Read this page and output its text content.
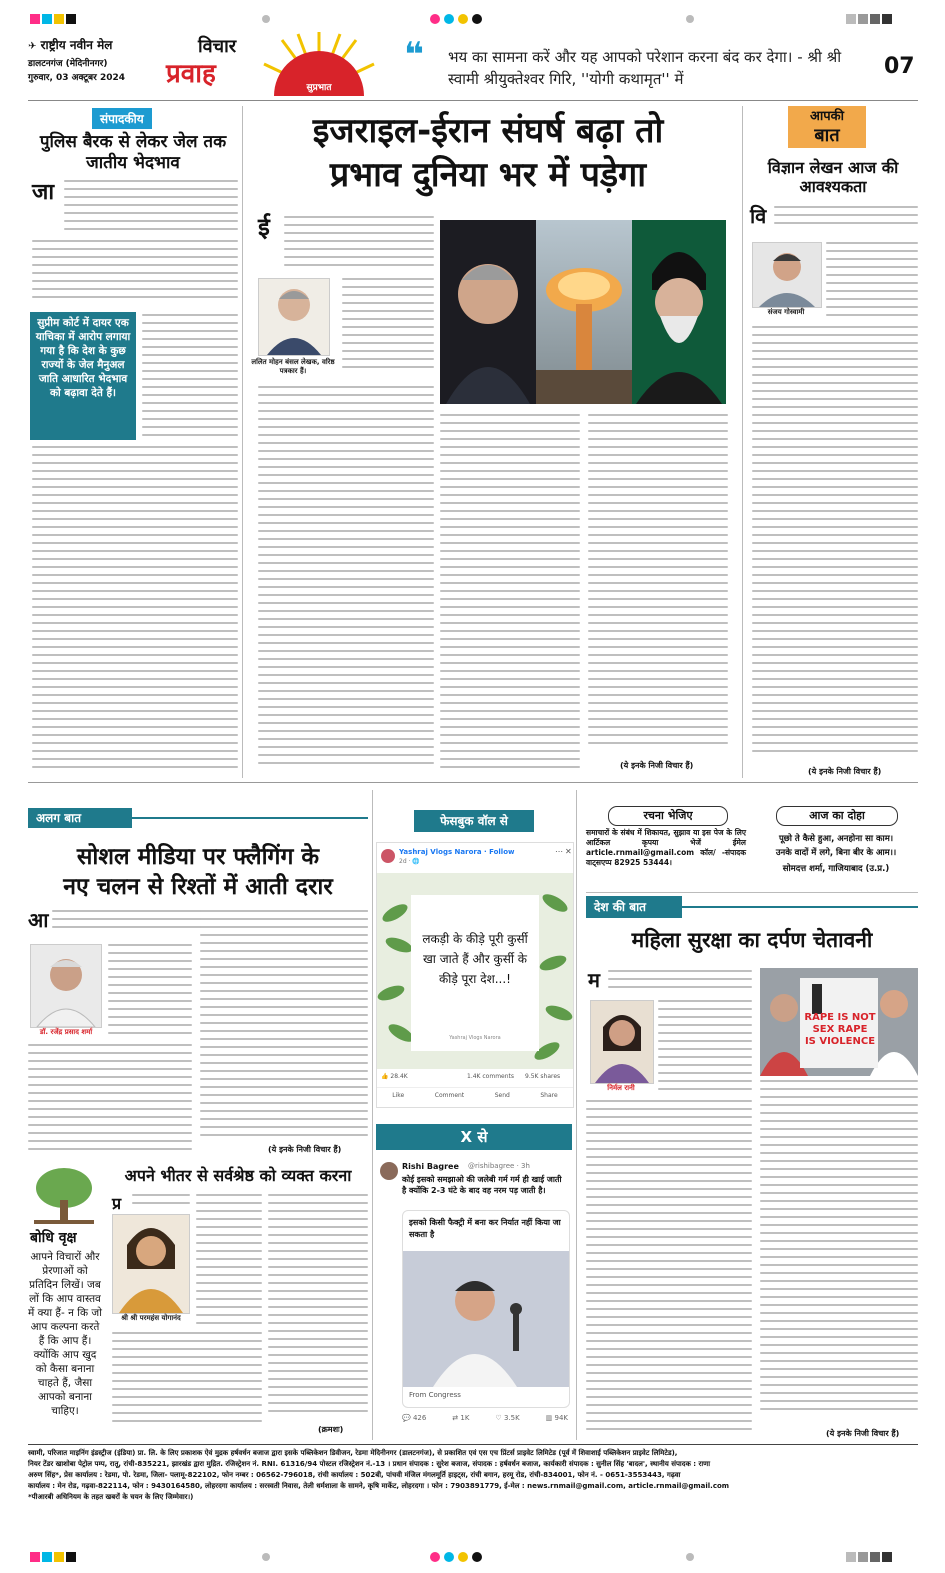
✈ राष्ट्रीय नवीन मेल
डालटनगंज (मेदिनीनगर)
गुरुवार, 03 अक्टूबर 2024
विचार
प्रवाह	सुप्रभात
❝ भय का सामना करें और यह आपको परेशान करना बंद कर देगा। - श्री श्री स्वामी श्रीयुक्तेश्वर गिरि, ''योगी कथामृत'' में	07
संपादकीय
पुलिस बैरक से लेकर जेल तक जातीय भेदभाव
जा
सुप्रीम कोर्ट में दायर एक याचिका में आरोप लगाया गया है कि देश के कुछ राज्यों के जेल मैनुअल जाति आधारित भेदभाव को बढ़ावा देते हैं।
इजराइल-ईरान संघर्ष बढ़ा तो
प्रभाव दुनिया भर में पड़ेगा
ई
ललित मोहन बंसल लेखक, वरिष्ठ पत्रकार हैं।
(ये इनके निजी विचार हैं)
आपकी
बात
विज्ञान लेखन आज की आवश्यकता
वि
संजय गोस्वामी
(ये इनके निजी विचार हैं)
अलग बात
सोशल मीडिया पर फ्लैगिंग के
नए चलन से रिश्तों में आती दरार
आ
डॉ. रजेंद्र प्रसाद शर्मा
(ये इनके निजी विचार हैं)
बोधि वृक्ष
आपने विचारों और प्रेरणाओं को प्रतिदिन लिखें। जब लों कि आप वास्तव में क्या हैं- न कि जो आप कल्पना करते हैं कि आप हैं। क्योंकि आप खुद को कैसा बनाना चाहते हैं, जैसा आपको बनाना चाहिए।
अपने भीतर से सर्वश्रेष्ठ को व्यक्त करना
प्र
श्री श्री परमहंस योगानंद
(क्रमशः)
फेसबुक वॉल से
Yashraj Vlogs Narora · Follow
2d · 🌐
⋯ ✕
लकड़ी के कीड़े पूरी कुर्सी खा जाते हैं और कुर्सी के कीड़े पूरा देश...!
Yashraj Vlogs Narora
👍 28.4K	1.4K comments 9.5K shares
Like	Comment	Send	Share
X से
Rishi Bagree @rishibagree · 3h
कोई इसको समझाओ की जलेबी गर्म गर्म ही खाई जाती है क्योंकि 2-3 घंटे के बाद वह नरम पड़ जाती है।
इसको किसी फैक्ट्री में बना कर निर्यात नहीं किया जा सकता है
From Congress
💬 426	⇄ 1K	♡ 3.5K	▥ 94K
रचना भेजिए
समाचारों के संबंध में शिकायत, सुझाव या इस पेज के लिए आर्टिकल कृपया भेजें ईमेल article.rnmail@gmail.com कॉल/ -संपादक वाट्सएप्प 82925 53444।
आज का दोहा
पूछो ते कैसे हुआ, अनहोना सा काम।
उनके वादों में लगे, बिना बीर के आम।।
सोमदत्त शर्मा, गाजियाबाद (उ.प्र.)
देश की बात
महिला सुरक्षा का दर्पण चेतावनी
म
निर्मल रानी
RAPE IS NOT
SEX RAPE
IS VIOLENCE
(ये इनके निजी विचार हैं)
स्वामी, परिजात माइनिंग इंडस्ट्रीज (इंडिया) प्रा. लि. के लिए प्रकाशक ऐवं मुद्रक हर्षवर्धन बजाज द्वारा इसके पब्लिकेशन डिवीजन, रेडमा मेदिनीनगर (डालटनगंज), से प्रकाशित एवं एस एच प्रिंटर्स प्राइवेट लिमिटेड (पूर्व में शिवाशाई पब्लिकेशन प्राइवेट लिमिटेड),
नियर टेंडर खाशोबा पेट्रोल पम्प, रातू, रांची-835221, झारखंड द्वारा मुद्रित. रजिस्ट्रेशन नं. RNI. 61316/94 पोस्टल रजिस्ट्रेशन नं.-13 । प्रधान संपादक : सुरेश बजाज, संपादक : हर्षवर्धन बजाज, कार्यकारी संपादक : सुनील सिंह 'बादल', स्थानीय संपादक : राणा
अरुण सिंह*, प्रेस कार्यालय : रेडमा, पो. रेडमा, जिला- पलामू-822102, फोन नम्बर : 06562-796018, रांची कार्यालय : 502बी, पांचवी मंजिल मंगलमूर्ति हाइट्स, रांची बगान, हरमू रोड, रांची-834001, फोन नं. - 0651-3553443, गढ़वा
कार्यालय : मेन रोड, गढ़वा-822114, फोन : 9430164580, लोहरदगा कार्यालय : सरस्वती निवास, तेली धर्मशाला के सामने, कृषि मार्केट, लोहरदगा । फोन : 7903891779, ई-मेल : news.rnmail@gmail.com, article.rnmail@gmail.com
*पीआरबी अधिनियम के तहत खबरों के चयन के लिए जिम्मेवार।)
